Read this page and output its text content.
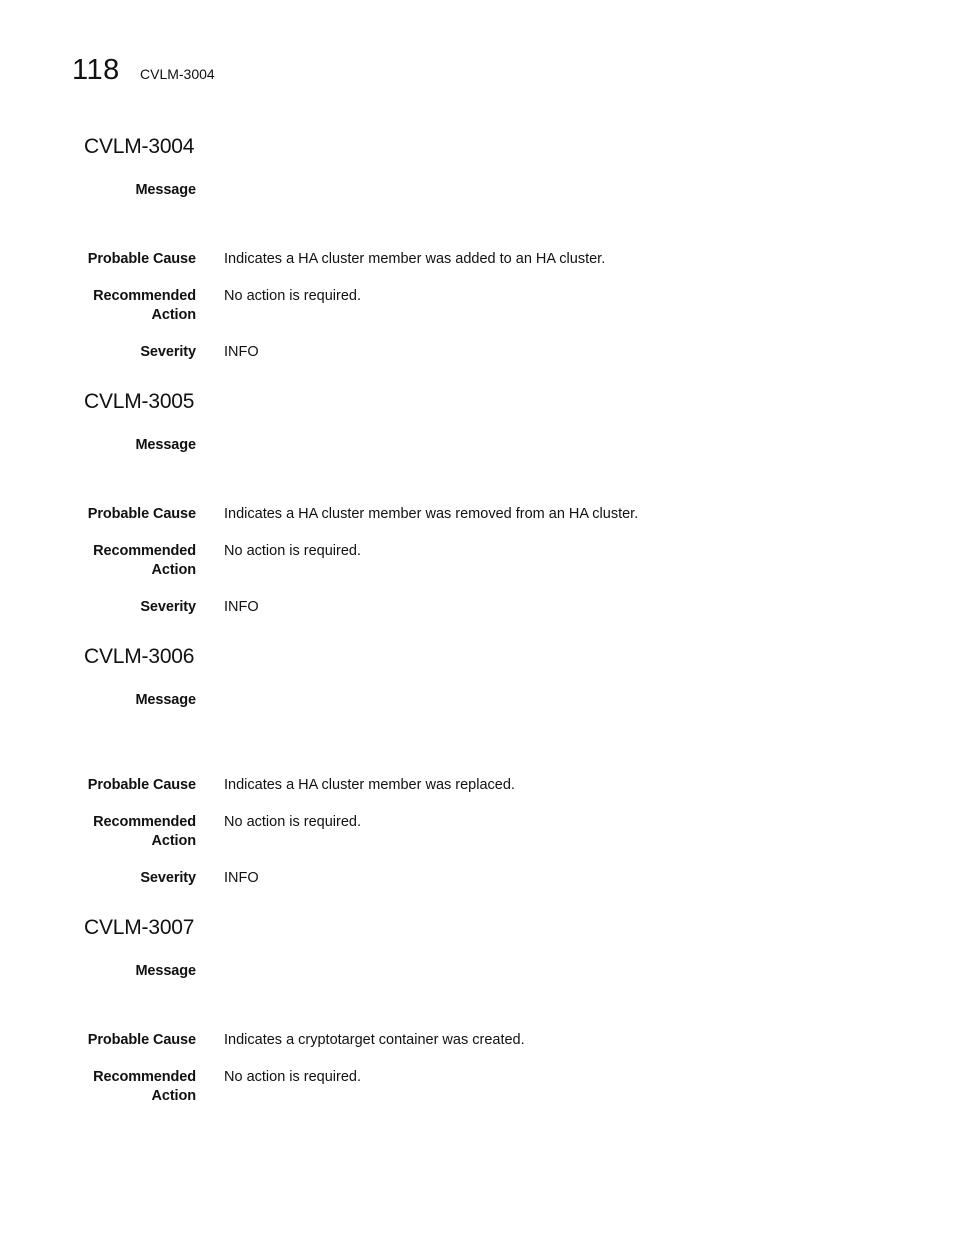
118 CVLM-3004
CVLM-3004
Message
Probable Cause Indicates a HA cluster member was added to an HA cluster.
Recommended
Action
No action is required.
Severity INFO
CVLM-3005
Message
Probable Cause Indicates a HA cluster member was removed from an HA cluster.
Recommended
Action
No action is required.
Severity INFO
CVLM-3006
Message
Probable Cause Indicates a HA cluster member was replaced.
Recommended
Action
No action is required.
Severity INFO
CVLM-3007
Message
Probable Cause Indicates a cryptotarget container was created.
Recommended
Action
No action is required.
